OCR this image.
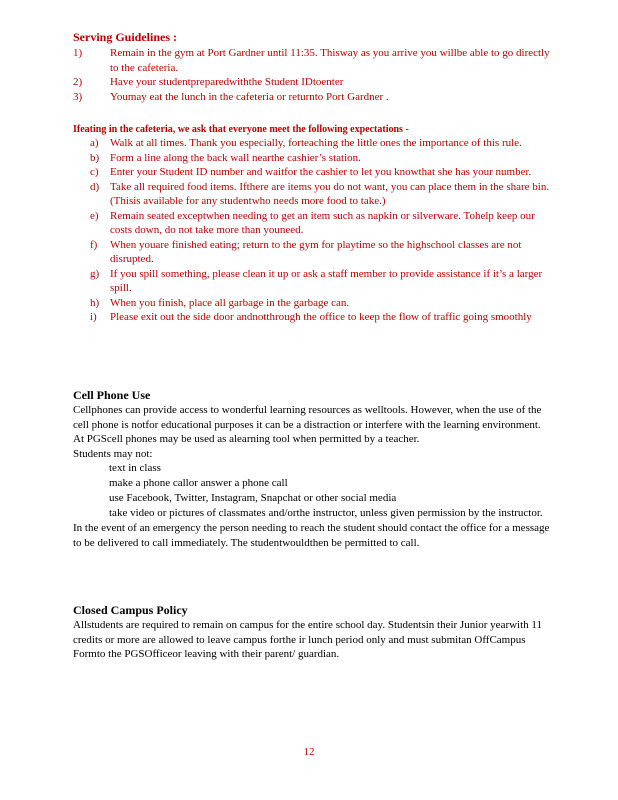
Serving Guidelines :

1)	Remain in the gym at Port Gardner until 11:35. Thisway as you arrive you willbe able to go directly to the cafeteria.
2)	Have your studentpreparedwiththe Student IDtoenter
3)	Youmay eat the lunch in the cafeteria or returnto Port Gardner .

Ifeating in the cafeteria, we ask that everyone meet the following expectations -

a) Walk at all times. Thank you especially, forteaching the little ones the importance of this rule.
b) Form a line along the back wall nearthe cashier’s station.
c) Enter your Student ID number and waitfor the cashier to let you knowthat she has your number.
d) Take all required food items. Ifthere are items you do not want, you can place them in the share bin. (Thisis available for any studentwho needs more food to take.)
e) Remain seated exceptwhen needing to get an item such as napkin or silverware. Tohelp keep our costs down, do not take more than youneed.
f) When youare finished eating; return to the gym for playtime so the highschool classes are not disrupted.
g) If you spill something, please clean it up or ask a staff member to provide assistance if it’s a larger spill.
h) When you finish, place all garbage in the garbage can.
i) Please exit out the side door andnotthrough the office to keep the flow of traffic going smoothly

Cell Phone Use

Cellphones can provide access to wonderful learning resources as welltools. However, when the use of the cell phone is notfor educational purposes it can be a distraction or interfere with the learning environment. At PGScell phones may be used as alearning tool when permitted by a teacher.

Students may not:

text in class
make a phone callor answer a phone call
use Facebook, Twitter, Instagram, Snapchat or other social media
take video or pictures of classmates and/orthe instructor, unless given permission by the instructor.

In the event of an emergency the person needing to reach the student should contact the office for a message to be delivered to call immediately. The studentwouldthen be permitted to call.

Closed Campus Policy

Allstudents are required to remain on campus for the entire school day. Studentsin their Junior yearwith 11 credits or more are allowed to leave campus forthe ir lunch period only and must submitan OffCampus Formto the PGSOfficeor leaving with their parent/ guardian.

12
